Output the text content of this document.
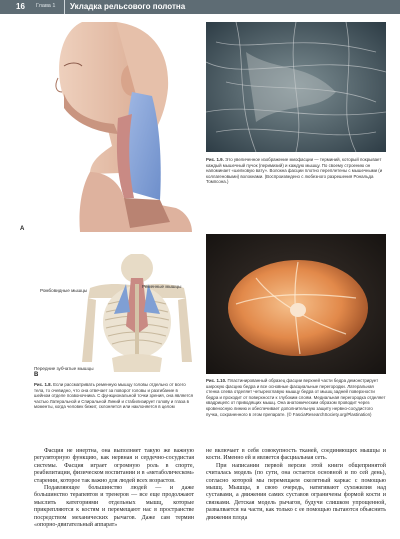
16 Глава 1 Укладка рельсового полотна
A
Ромбовидные мышцы
Ременные мышцы
Передние зубчатые мышцы
B
Рис. 1.8. Если рассматривать ременную мышцу головы отдельно от всего тела, то очевидно, что она отвечает за поворот головы и разгибание в шейном отделе позвоночника. С функциональной точки зрения, она является частью Латеральной и Спиральной Линий и стабилизирует голову и глаза в моменты, когда человек бежит, склоняется или наклоняется в целом
Рис. 1.9. Это увеличенное изображение миофасции — терминий, который покрывает каждый мышечный пучок (перимизий) и каждую мышцу. По своему строению он напоминает «шелковую вату». Волокна фасции плотно переплетены с мышечными (и коллагеновыми) волокнами. (Воспроизведено с любезного разрешения Рональда Томпсона.)
Рис. 1.10. Пластинированный образец фасции верхней части бедра демонстрирует широкую фасцию бедра и все основные фасциальные перегородки. Латеральная стенка слева отделяет четырехглавую мышцу бедра от мышц задней поверхности бедра и проходит от поверхности к глубоким слоям. Медиальная перегородка отделяет квадрицепс от приводящих мышц. Она анатомическим образом проводит через кровеносную линию и обеспечивает дополнительную защиту нервно-сосудистого пучка, сохраненного в этом препарате. (© FasciaResearchSociety.org/Plastination)

Фасция не инертна, она выполняет такую же важную регуляторную функцию, как нервная и сердечно-сосудистая системы. Фасция играет огромную роль в спорте, реабилитации, физическом воспитании и в «метаболическом» старении, которое так важно для людей всех возрастов.

Подавляющее большинство людей — и даже большинство терапевтов и тренеров — все еще продолжают мыслить категориями отдельных мышц, которые прикрепляются к костям и перемещают нас в пространстве посредством механических рычагов. Даже сам термин «опорно-двигательный аппарат»

не включает в себя совокупность тканей, соединяющих мышцы и кости. Именно ей и является фасциальная сеть.

При написании первой версии этой книги общепринятой считалась модель (по сути, она остается основной и по сей день), согласно которой мы перемещаем скелетный каркас с помощью мышц. Мышцы, в свою очередь, натягивают сухожилия над суставами, а движения самих суставов ограничены формой кости и связками. Детская модель рычагов, будучи слишком упрощенной, развалвается на части, как только с ее помощью пытаются объяснить движения плода
